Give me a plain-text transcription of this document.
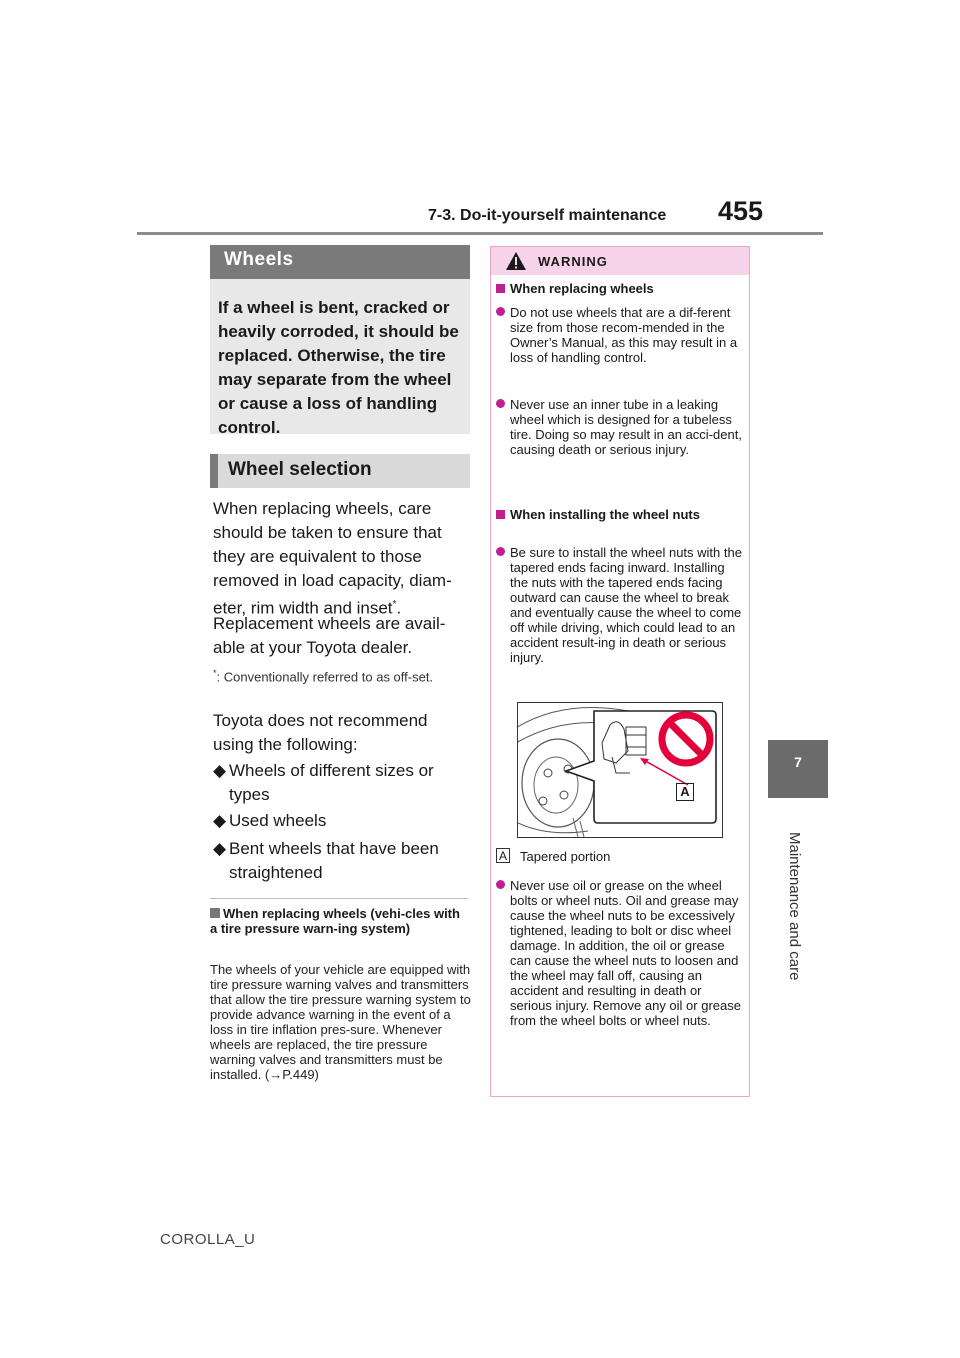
7-3. Do-it-yourself maintenance 455
7
Maintenance and care
Wheels
If a wheel is bent, cracked or heavily corroded, it should be replaced. Otherwise, the tire may separate from the wheel or cause a loss of handling control.
Wheel selection
When replacing wheels, care should be taken to ensure that they are equivalent to those removed in load capacity, diam-eter, rim width and inset*.
Replacement wheels are avail-able at your Toyota dealer.
*: Conventionally referred to as off-set.
Toyota does not recommend using the following:
◆ Wheels of different sizes or types
◆ Used wheels
◆ Bent wheels that have been straightened
When replacing wheels (vehi-cles with a tire pressure warn-ing system)
The wheels of your vehicle are equipped with tire pressure warning valves and transmitters that allow the tire pressure warning system to provide advance warning in the event of a loss in tire inflation pres-sure. Whenever wheels are replaced, the tire pressure warning valves and transmitters must be installed. (→P.449)
WARNING
When replacing wheels
Do not use wheels that are a dif-ferent size from those recom-mended in the Owner’s Manual, as this may result in a loss of handling control.
Never use an inner tube in a leaking wheel which is designed for a tubeless tire. Doing so may result in an acci-dent, causing death or serious injury.
When installing the wheel nuts
Be sure to install the wheel nuts with the tapered ends facing inward. Installing the nuts with the tapered ends facing outward can cause the wheel to break and eventually cause the wheel to come off while driving, which could lead to an accident result-ing in death or serious injury.
A
A Tapered portion
Never use oil or grease on the wheel bolts or wheel nuts. Oil and grease may cause the wheel nuts to be excessively tightened, leading to bolt or disc wheel damage. In addition, the oil or grease can cause the wheel nuts to loosen and the wheel may fall off, causing an accident and resulting in death or serious injury. Remove any oil or grease from the wheel bolts or wheel nuts.
COROLLA_U
